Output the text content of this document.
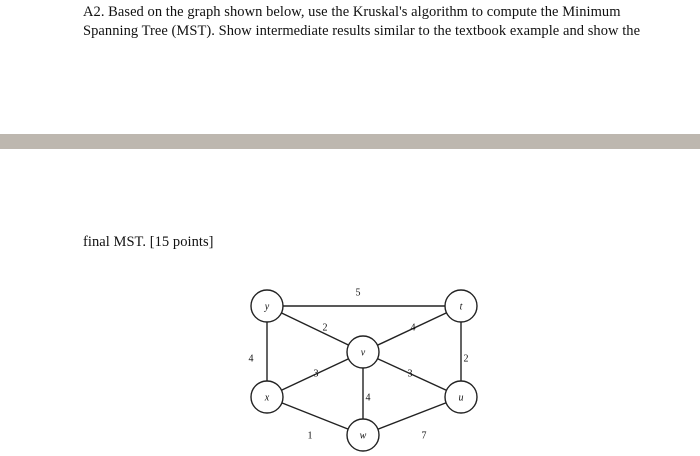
A2. Based on the graph shown below, use the Kruskal's algorithm to compute the Minimum
Spanning Tree (MST). Show intermediate results similar to the textbook example and show the
final MST. [15 points]
5
2	4
4	2
3	3
4
1	7
y	t
v
x	u
w
